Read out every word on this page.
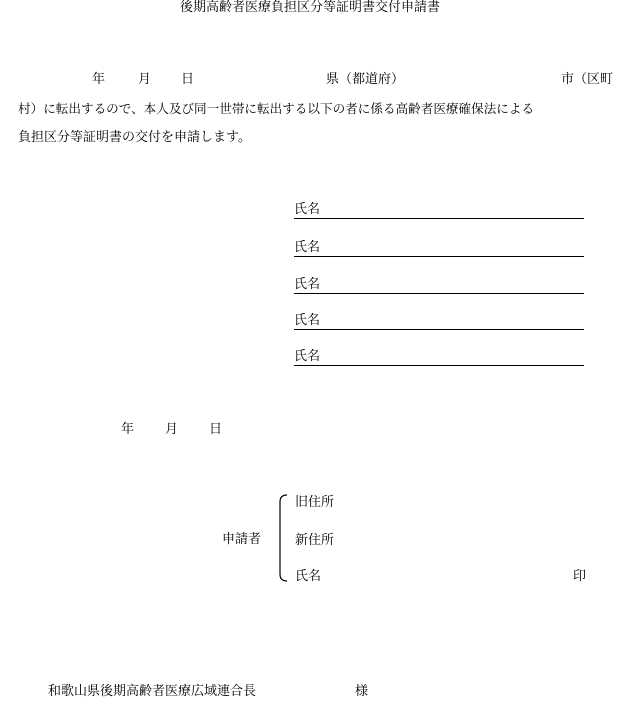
後期高齢者医療負担区分等証明書交付申請書
年	月 日	県（都道府）	市（区町
村）に転出するので、本人及び同一世帯に転出する以下の者に係る高齢者医療確保法による
負担区分等証明書の交付を申請します。
氏名
氏名
氏名
氏名
氏名
年 月 日
申請者
旧住所
新住所
氏名	印
和歌山県後期高齢者医療広域連合長	様
